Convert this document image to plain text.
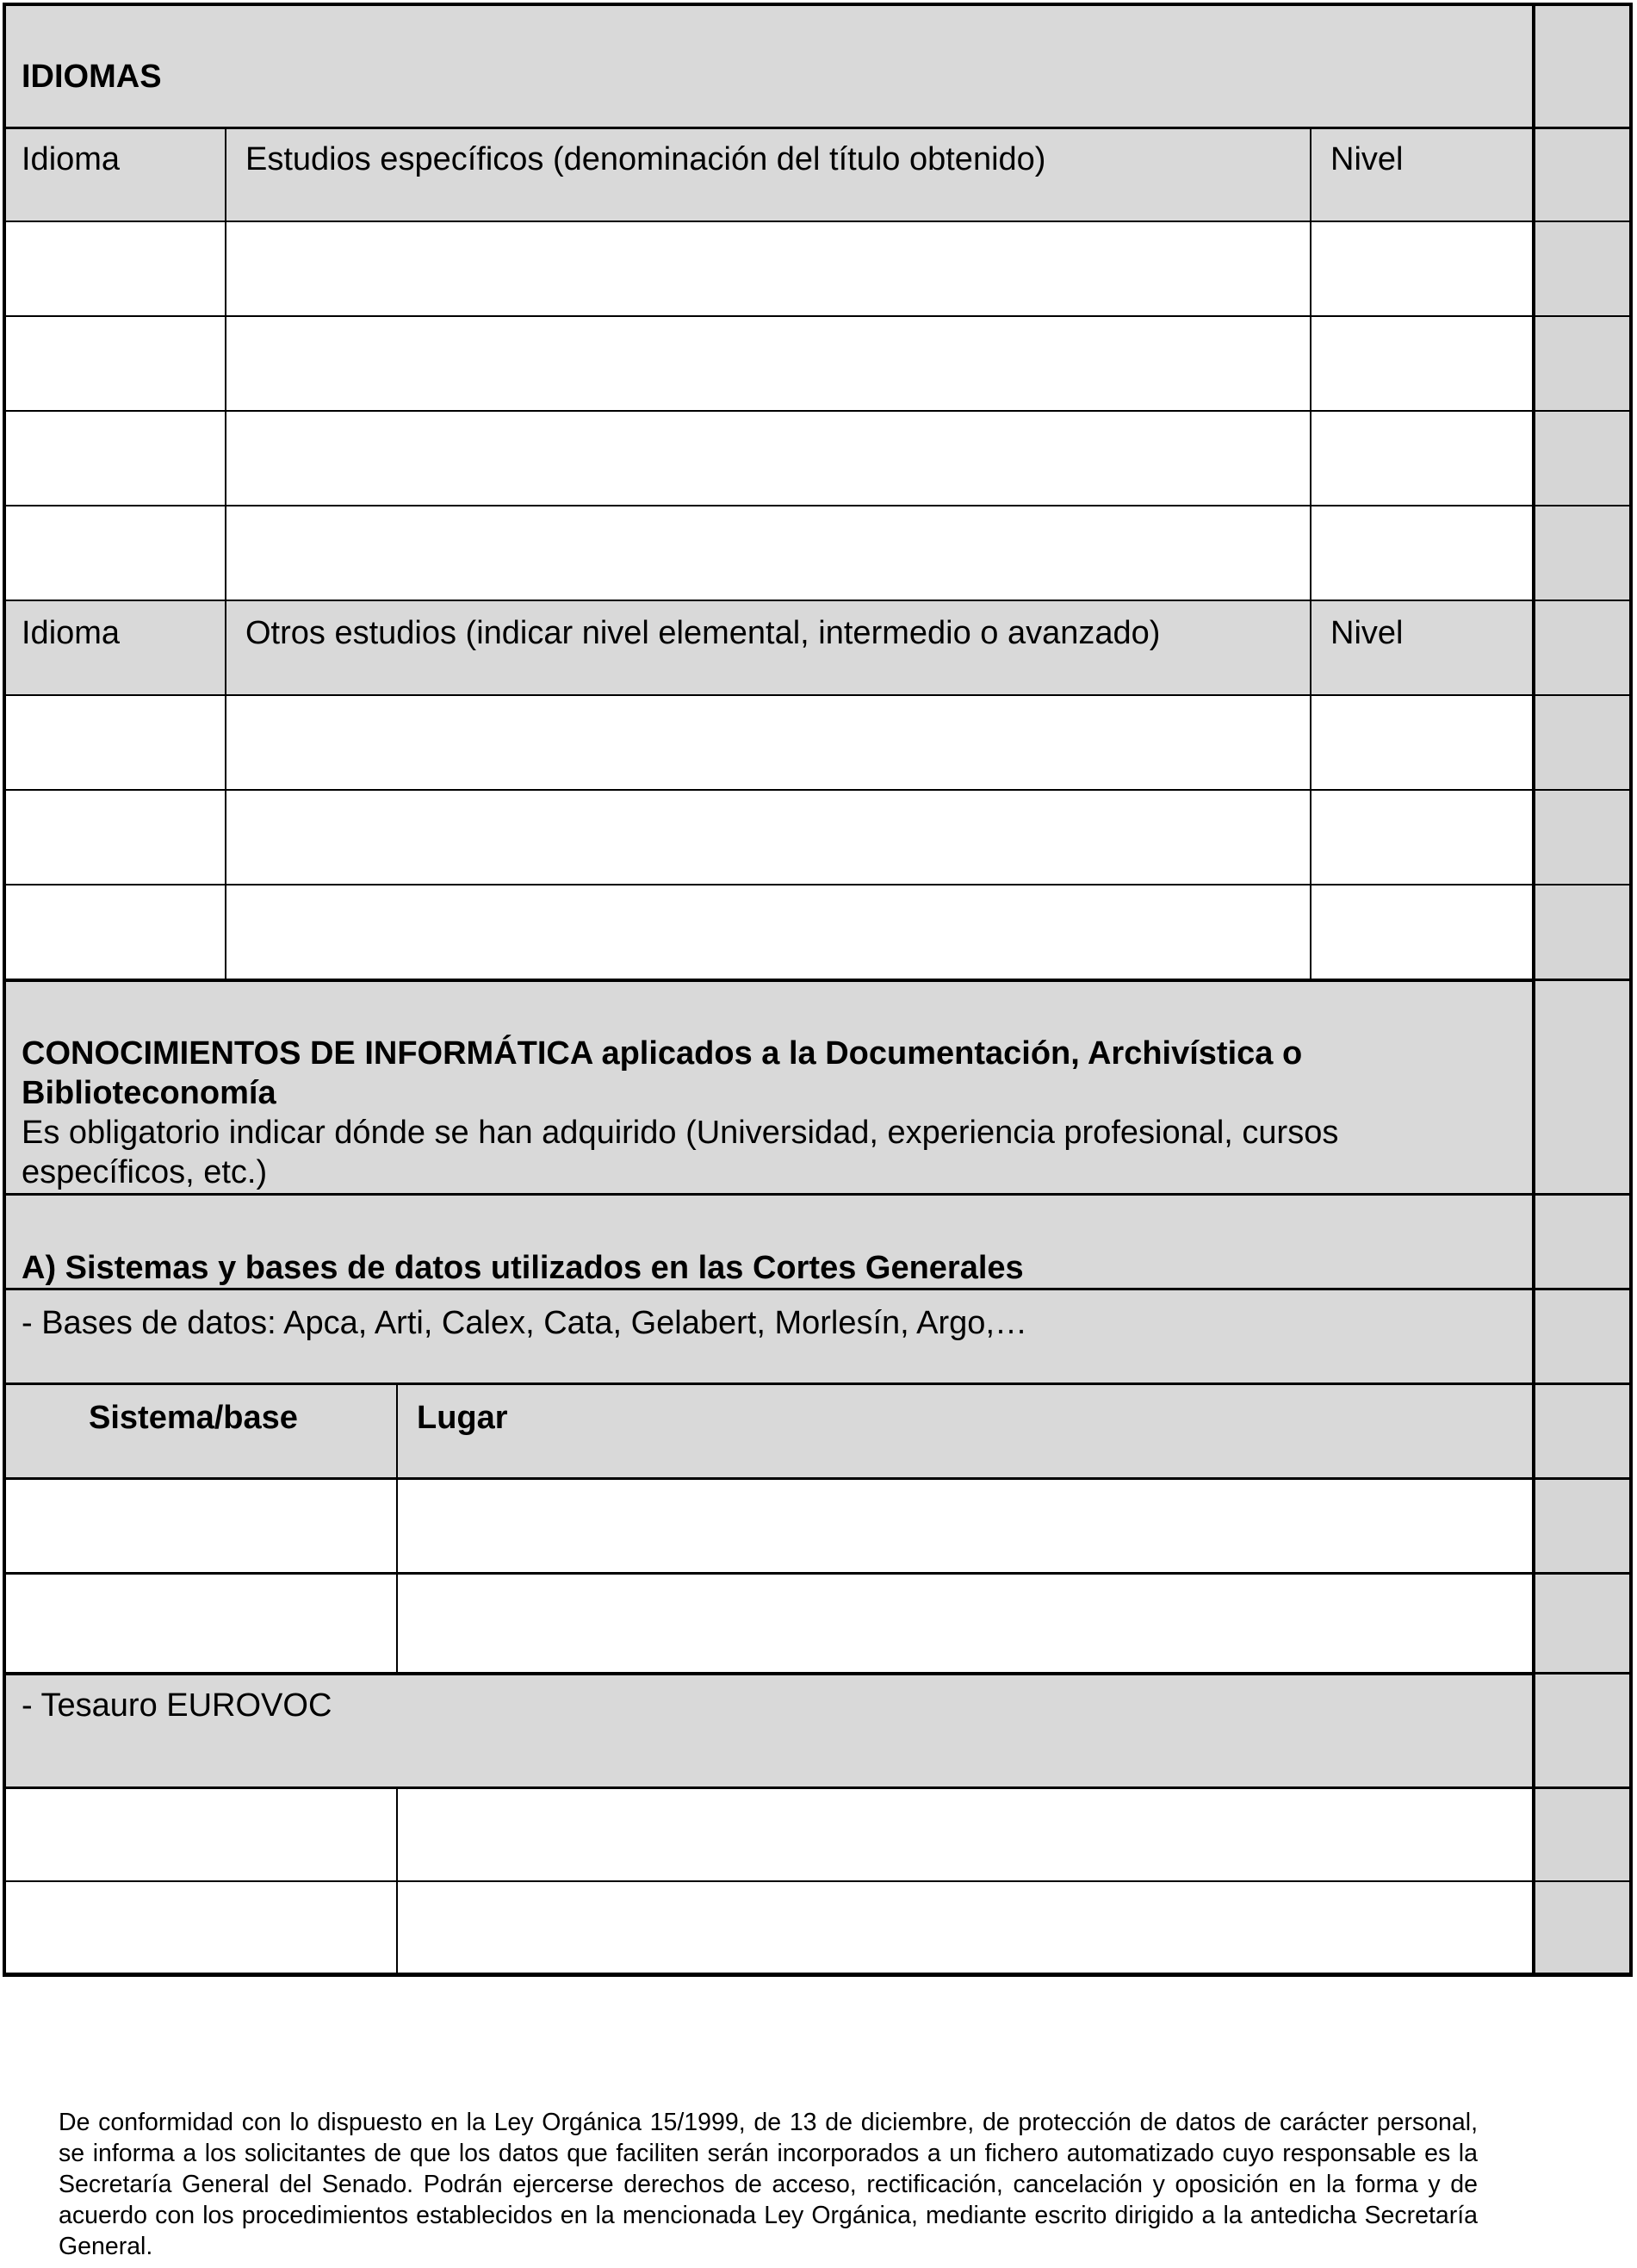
IDIOMAS
Idioma	Estudios específicos (denominación del título obtenido)	Nivel
Idioma	Otros estudios (indicar nivel elemental, intermedio o avanzado)	Nivel
CONOCIMIENTOS DE INFORMÁTICA aplicados a la Documentación, Archivística o
Biblioteconomía
Es obligatorio indicar dónde se han adquirido (Universidad, experiencia profesional, cursos
específicos, etc.)
A) Sistemas y bases de datos utilizados en las Cortes Generales
- Bases de datos: Apca, Arti, Calex, Cata, Gelabert, Morlesín, Argo,…
Sistema/base	Lugar
- Tesauro EUROVOC
De conformidad con lo dispuesto en la Ley Orgánica 15/1999, de 13 de diciembre, de protección de datos de carácter personal, se informa a los solicitantes de que los datos que faciliten serán incorporados a un fichero automatizado cuyo responsable es la Secretaría General del Senado. Podrán ejercerse derechos de acceso, rectificación, cancelación y oposición en la forma y de acuerdo con los procedimientos establecidos en la mencionada Ley Orgánica, mediante escrito dirigido a la antedicha Secretaría General.
